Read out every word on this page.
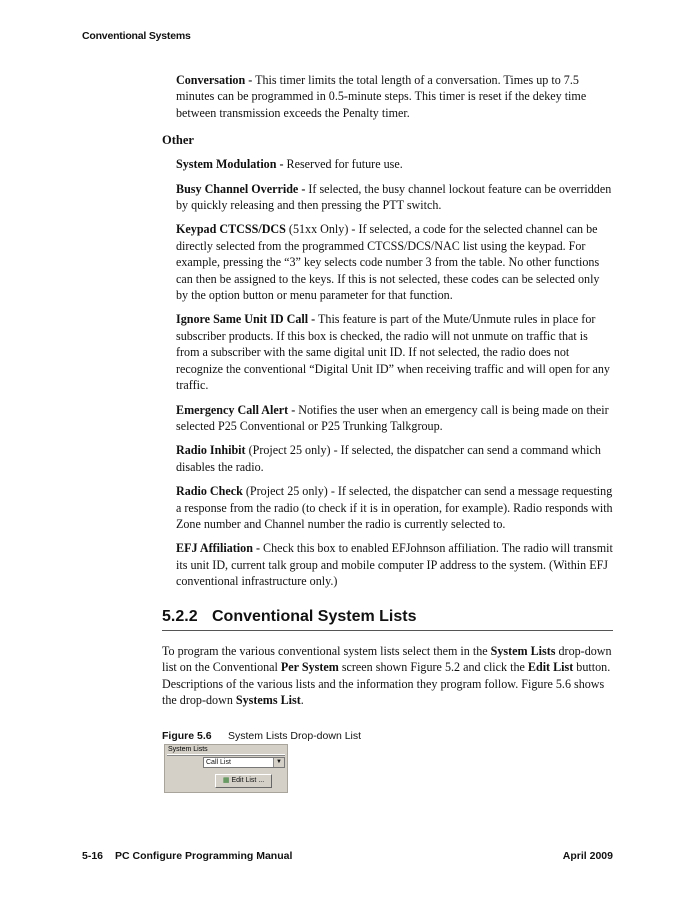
Conventional Systems

Conversation - This timer limits the total length of a conversation. Times up to 7.5 minutes can be programmed in 0.5-minute steps. This timer is reset if the dekey time between transmission exceeds the Penalty timer.

Other

System Modulation - Reserved for future use.

Busy Channel Override - If selected, the busy channel lockout feature can be overridden by quickly releasing and then pressing the PTT switch.

Keypad CTCSS/DCS (51xx Only) - If selected, a code for the selected channel can be directly selected from the programmed CTCSS/DCS/NAC list using the keypad. For example, pressing the “3” key selects code number 3 from the table. No other functions can then be assigned to the keys. If this is not selected, these codes can be selected only by the option button or menu parameter for that function.

Ignore Same Unit ID Call - This feature is part of the Mute/Unmute rules in place for subscriber products. If this box is checked, the radio will not unmute on traffic that is from a subscriber with the same digital unit ID. If not selected, the radio does not recognize the conventional “Digital Unit ID” when receiving traffic and will open for any traffic.

Emergency Call Alert - Notifies the user when an emergency call is being made on their selected P25 Conventional or P25 Trunking Talkgroup.

Radio Inhibit (Project 25 only) - If selected, the dispatcher can send a command which disables the radio.

Radio Check (Project 25 only) - If selected, the dispatcher can send a message requesting a response from the radio (to check if it is in operation, for example). Radio responds with Zone number and Channel number the radio is currently selected to.

EFJ Affiliation - Check this box to enabled EFJohnson affiliation. The radio will transmit its unit ID, current talk group and mobile computer IP address to the system. (Within EFJ conventional infrastructure only.)

5.2.2 Conventional System Lists

To program the various conventional system lists select them in the System Lists drop-down list on the Conventional Per System screen shown Figure 5.2 and click the Edit List button. Descriptions of the various lists and the information they program follow. Figure 5.6 shows the drop-down Systems List.

Figure 5.6 System Lists Drop-down List
System Lists
Call List	▼
▦ Edit List ...
5-16 PC Configure Programming Manual	April 2009
